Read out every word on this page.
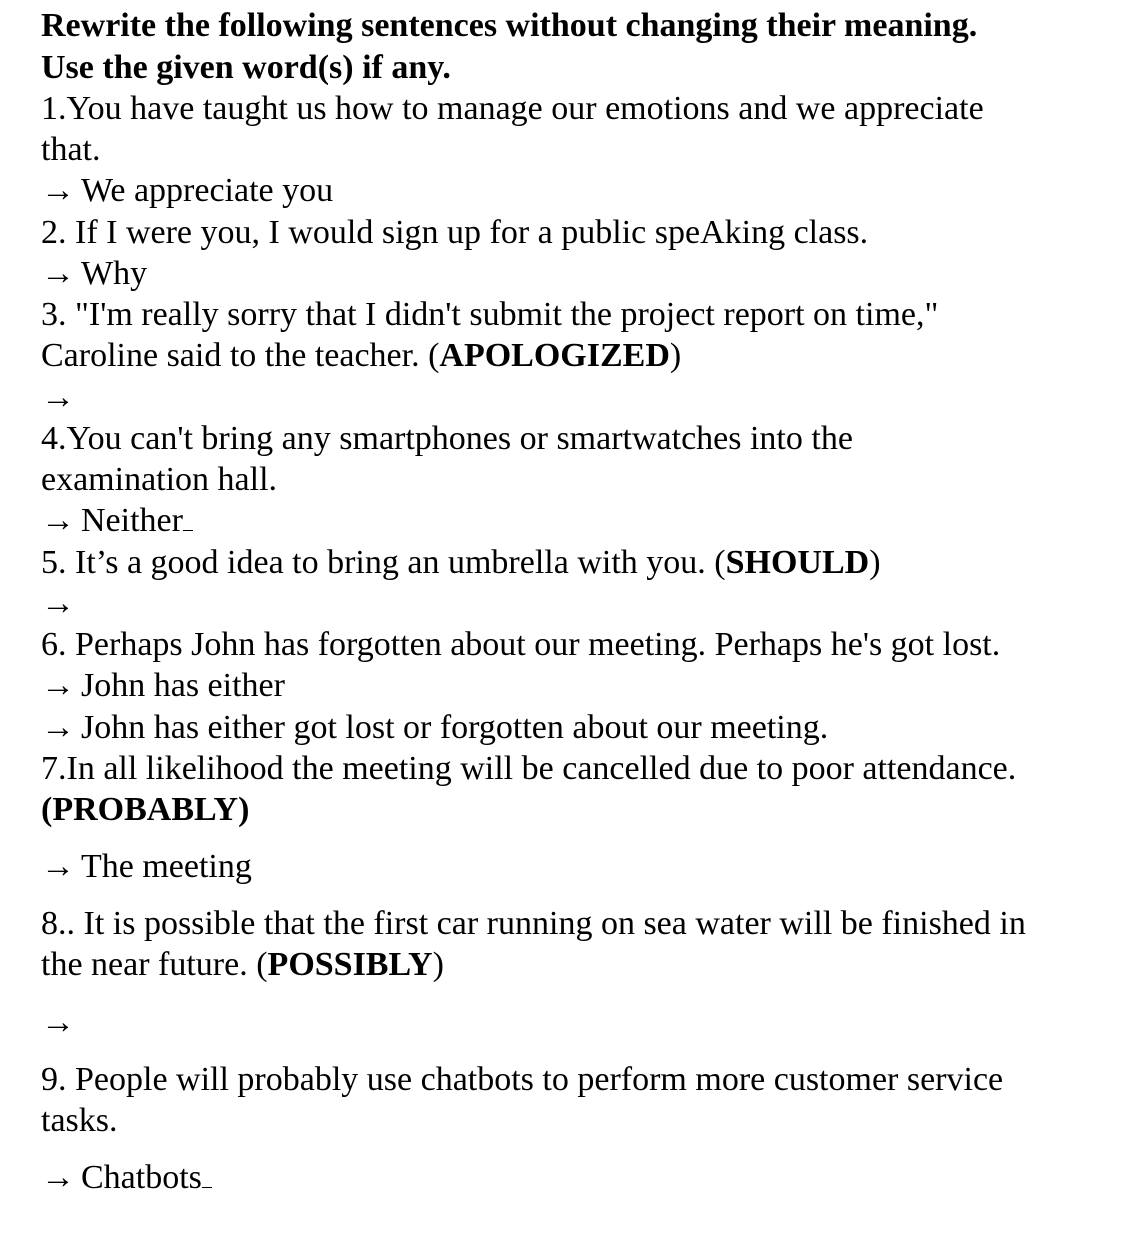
Rewrite the following sentences without changing their meaning.
Use the given word(s) if any.
1.You have taught us how to manage our emotions and we appreciate
that.
→ We appreciate you
2. If I were you, I would sign up for a public speAking class.
→ Why
3. "I'm really sorry that I didn't submit the project report on time,"
Caroline said to the teacher. (APOLOGIZED)
→
4.You can't bring any smartphones or smartwatches into the
examination hall.
→ Neither
5. It’s a good idea to bring an umbrella with you. (SHOULD)
→
6. Perhaps John has forgotten about our meeting. Perhaps he's got lost.
→ John has either
→ John has either got lost or forgotten about our meeting.
7.In all likelihood the meeting will be cancelled due to poor attendance.
(PROBABLY)
→ The meeting
8.. It is possible that the first car running on sea water will be finished in
the near future. (POSSIBLY)
→
9. People will probably use chatbots to perform more customer service
tasks.
→ Chatbots
